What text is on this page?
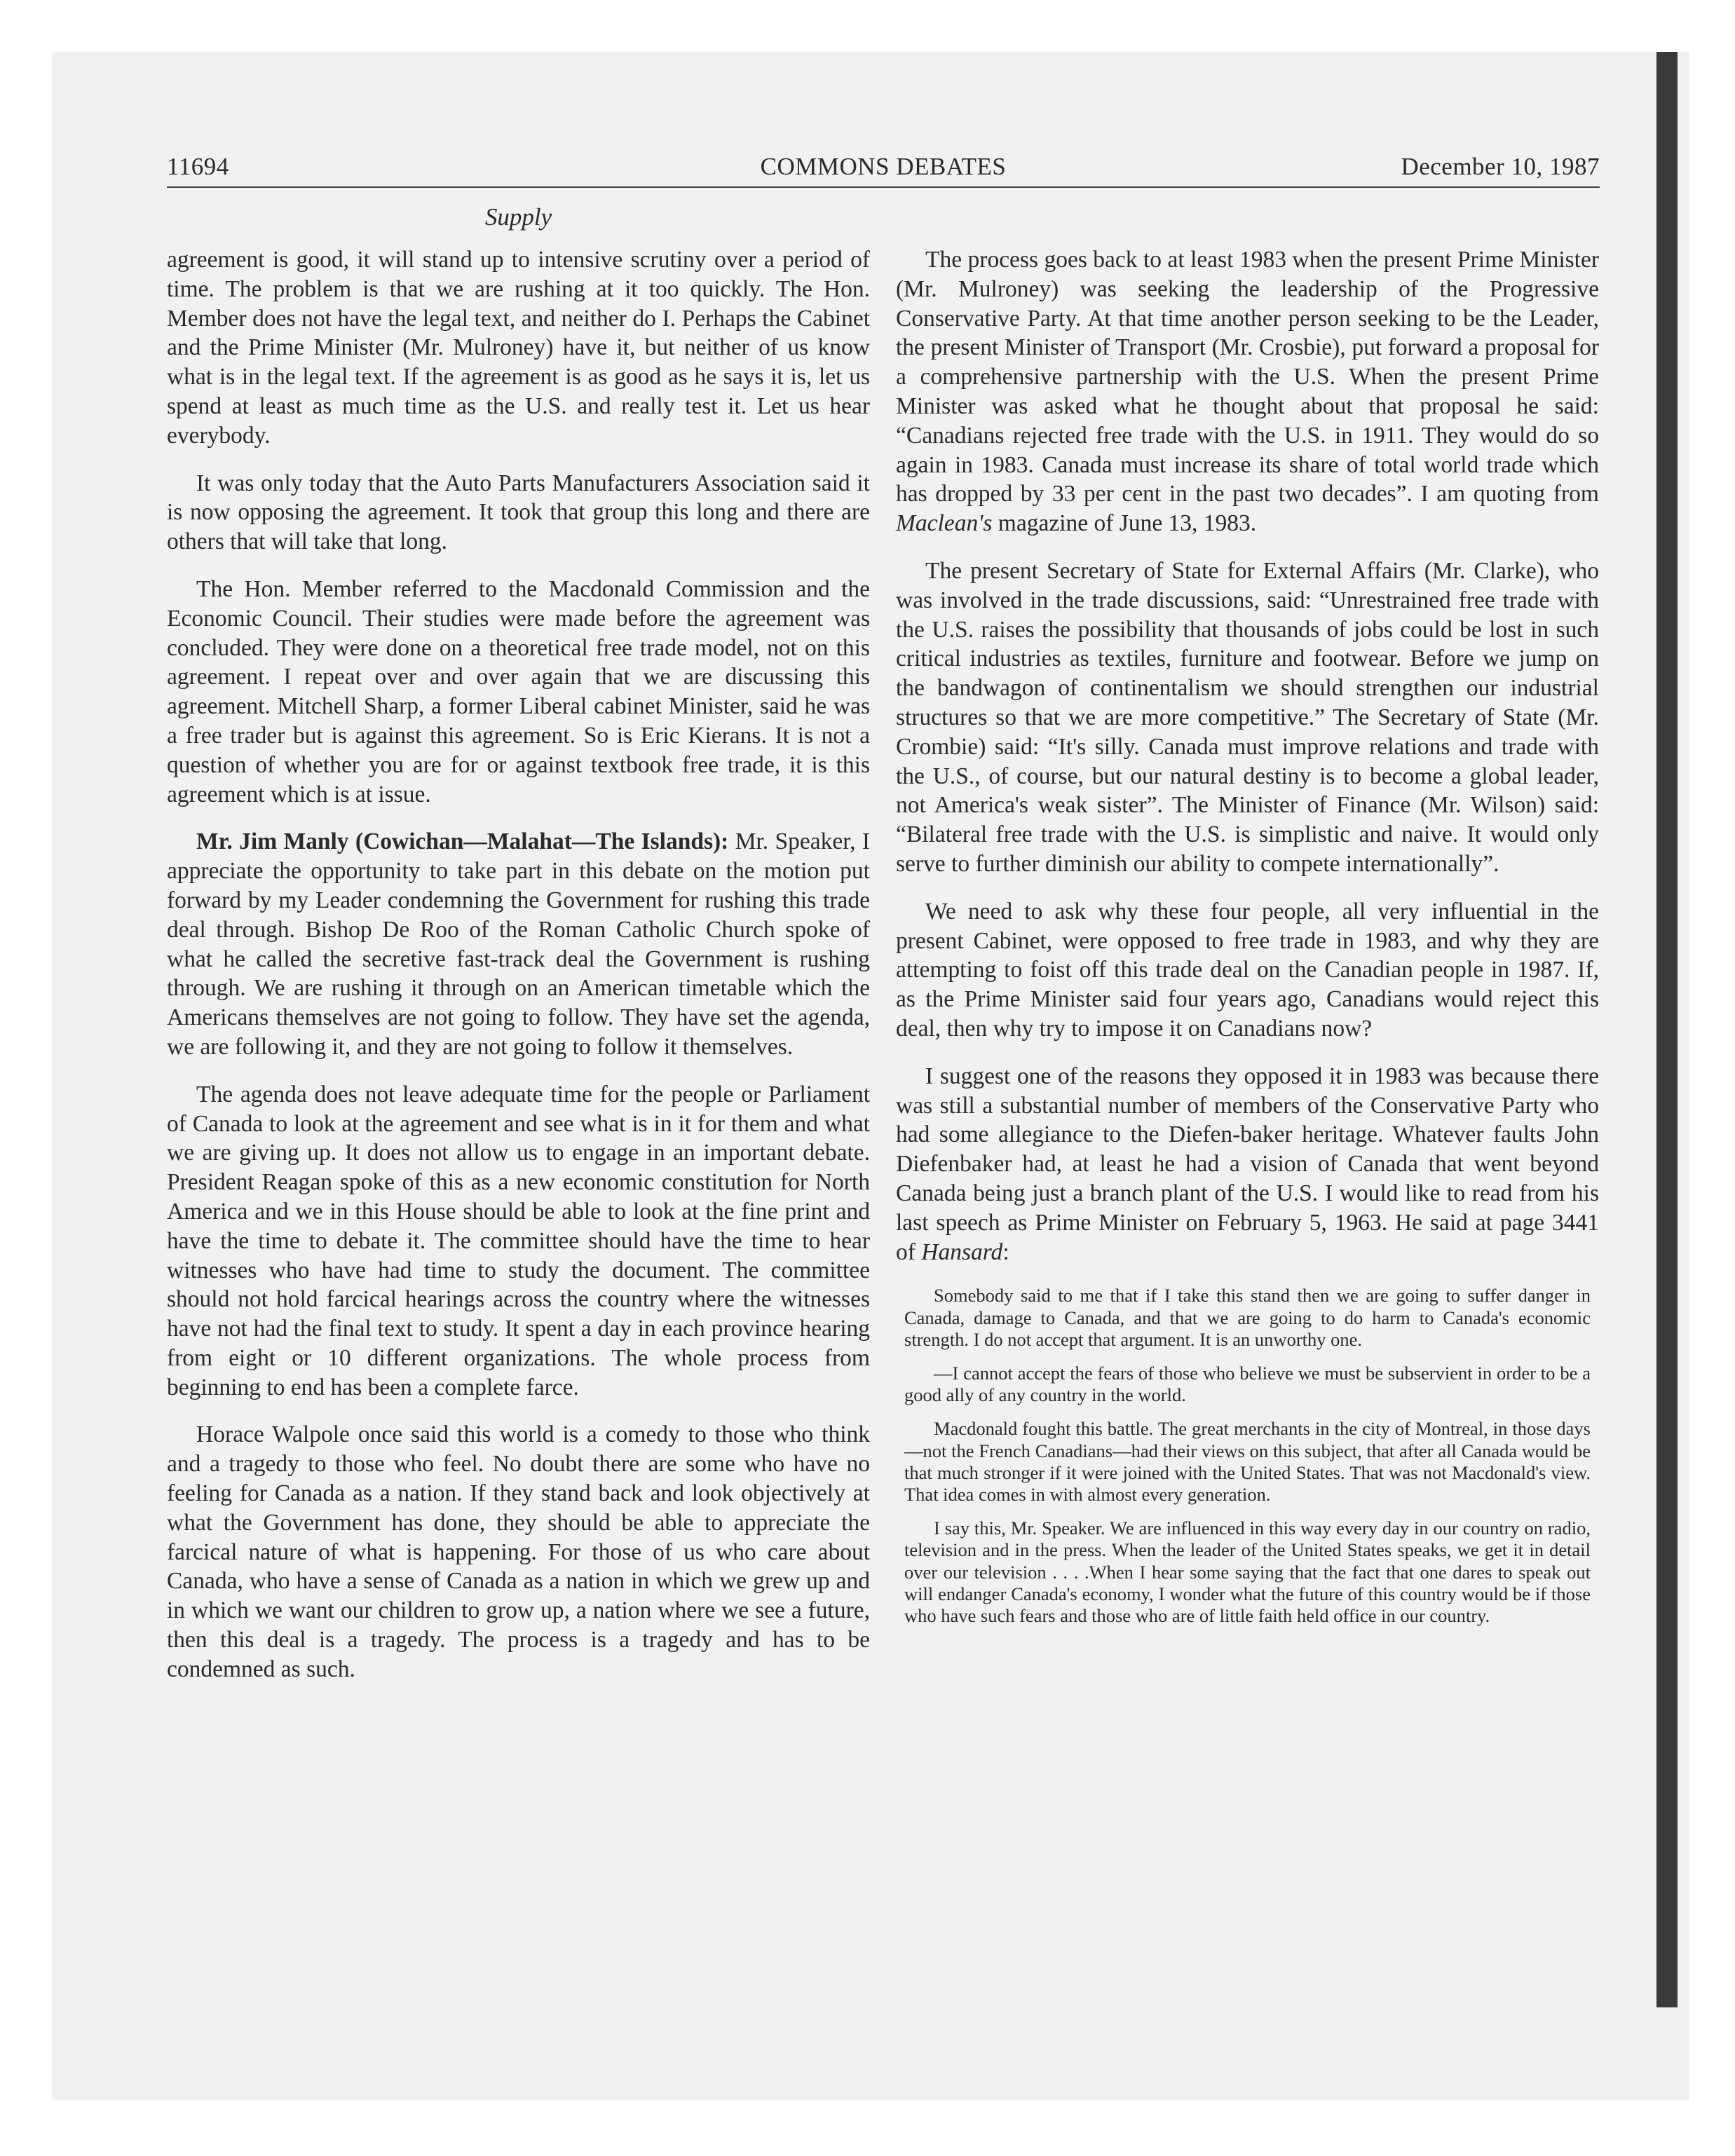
11694	COMMONS DEBATES	December 10, 1987
Supply

agreement is good, it will stand up to intensive scrutiny over a period of time. The problem is that we are rushing at it too quickly. The Hon. Member does not have the legal text, and neither do I. Perhaps the Cabinet and the Prime Minister (Mr. Mulroney) have it, but neither of us know what is in the legal text. If the agreement is as good as he says it is, let us spend at least as much time as the U.S. and really test it. Let us hear everybody.

It was only today that the Auto Parts Manufacturers Association said it is now opposing the agreement. It took that group this long and there are others that will take that long.

The Hon. Member referred to the Macdonald Commission and the Economic Council. Their studies were made before the agreement was concluded. They were done on a theoretical free trade model, not on this agreement. I repeat over and over again that we are discussing this agreement. Mitchell Sharp, a former Liberal cabinet Minister, said he was a free trader but is against this agreement. So is Eric Kierans. It is not a question of whether you are for or against textbook free trade, it is this agreement which is at issue.

Mr. Jim Manly (Cowichan—Malahat—The Islands): Mr. Speaker, I appreciate the opportunity to take part in this debate on the motion put forward by my Leader condemning the Government for rushing this trade deal through. Bishop De Roo of the Roman Catholic Church spoke of what he called the secretive fast-track deal the Government is rushing through. We are rushing it through on an American timetable which the Americans themselves are not going to follow. They have set the agenda, we are following it, and they are not going to follow it themselves.

The agenda does not leave adequate time for the people or Parliament of Canada to look at the agreement and see what is in it for them and what we are giving up. It does not allow us to engage in an important debate. President Reagan spoke of this as a new economic constitution for North America and we in this House should be able to look at the fine print and have the time to debate it. The committee should have the time to hear witnesses who have had time to study the document. The committee should not hold farcical hearings across the country where the witnesses have not had the final text to study. It spent a day in each province hearing from eight or 10 different organizations. The whole process from beginning to end has been a complete farce.

Horace Walpole once said this world is a comedy to those who think and a tragedy to those who feel. No doubt there are some who have no feeling for Canada as a nation. If they stand back and look objectively at what the Government has done, they should be able to appreciate the farcical nature of what is happening. For those of us who care about Canada, who have a sense of Canada as a nation in which we grew up and in which we want our children to grow up, a nation where we see a future, then this deal is a tragedy. The process is a tragedy and has to be condemned as such.

The process goes back to at least 1983 when the present Prime Minister (Mr. Mulroney) was seeking the leadership of the Progressive Conservative Party. At that time another person seeking to be the Leader, the present Minister of Transport (Mr. Crosbie), put forward a proposal for a comprehensive partnership with the U.S. When the present Prime Minister was asked what he thought about that proposal he said: “Canadians rejected free trade with the U.S. in 1911. They would do so again in 1983. Canada must increase its share of total world trade which has dropped by 33 per cent in the past two decades”. I am quoting from Maclean's magazine of June 13, 1983.

The present Secretary of State for External Affairs (Mr. Clarke), who was involved in the trade discussions, said: “Unrestrained free trade with the U.S. raises the possibility that thousands of jobs could be lost in such critical industries as textiles, furniture and footwear. Before we jump on the bandwagon of continentalism we should strengthen our industrial structures so that we are more competitive.” The Secretary of State (Mr. Crombie) said: “It's silly. Canada must improve relations and trade with the U.S., of course, but our natural destiny is to become a global leader, not America's weak sister”. The Minister of Finance (Mr. Wilson) said: “Bilateral free trade with the U.S. is simplistic and naive. It would only serve to further diminish our ability to compete internationally”.

We need to ask why these four people, all very influential in the present Cabinet, were opposed to free trade in 1983, and why they are attempting to foist off this trade deal on the Canadian people in 1987. If, as the Prime Minister said four years ago, Canadians would reject this deal, then why try to impose it on Canadians now?

I suggest one of the reasons they opposed it in 1983 was because there was still a substantial number of members of the Conservative Party who had some allegiance to the Diefen-baker heritage. Whatever faults John Diefenbaker had, at least he had a vision of Canada that went beyond Canada being just a branch plant of the U.S. I would like to read from his last speech as Prime Minister on February 5, 1963. He said at page 3441 of Hansard:

Somebody said to me that if I take this stand then we are going to suffer danger in Canada, damage to Canada, and that we are going to do harm to Canada's economic strength. I do not accept that argument. It is an unworthy one.
—I cannot accept the fears of those who believe we must be subservient in order to be a good ally of any country in the world.
Macdonald fought this battle. The great merchants in the city of Montreal, in those days—not the French Canadians—had their views on this subject, that after all Canada would be that much stronger if it were joined with the United States. That was not Macdonald's view. That idea comes in with almost every generation.
I say this, Mr. Speaker. We are influenced in this way every day in our country on radio, television and in the press. When the leader of the United States speaks, we get it in detail over our television . . . .When I hear some saying that the fact that one dares to speak out will endanger Canada's economy, I wonder what the future of this country would be if those who have such fears and those who are of little faith held office in our country.
